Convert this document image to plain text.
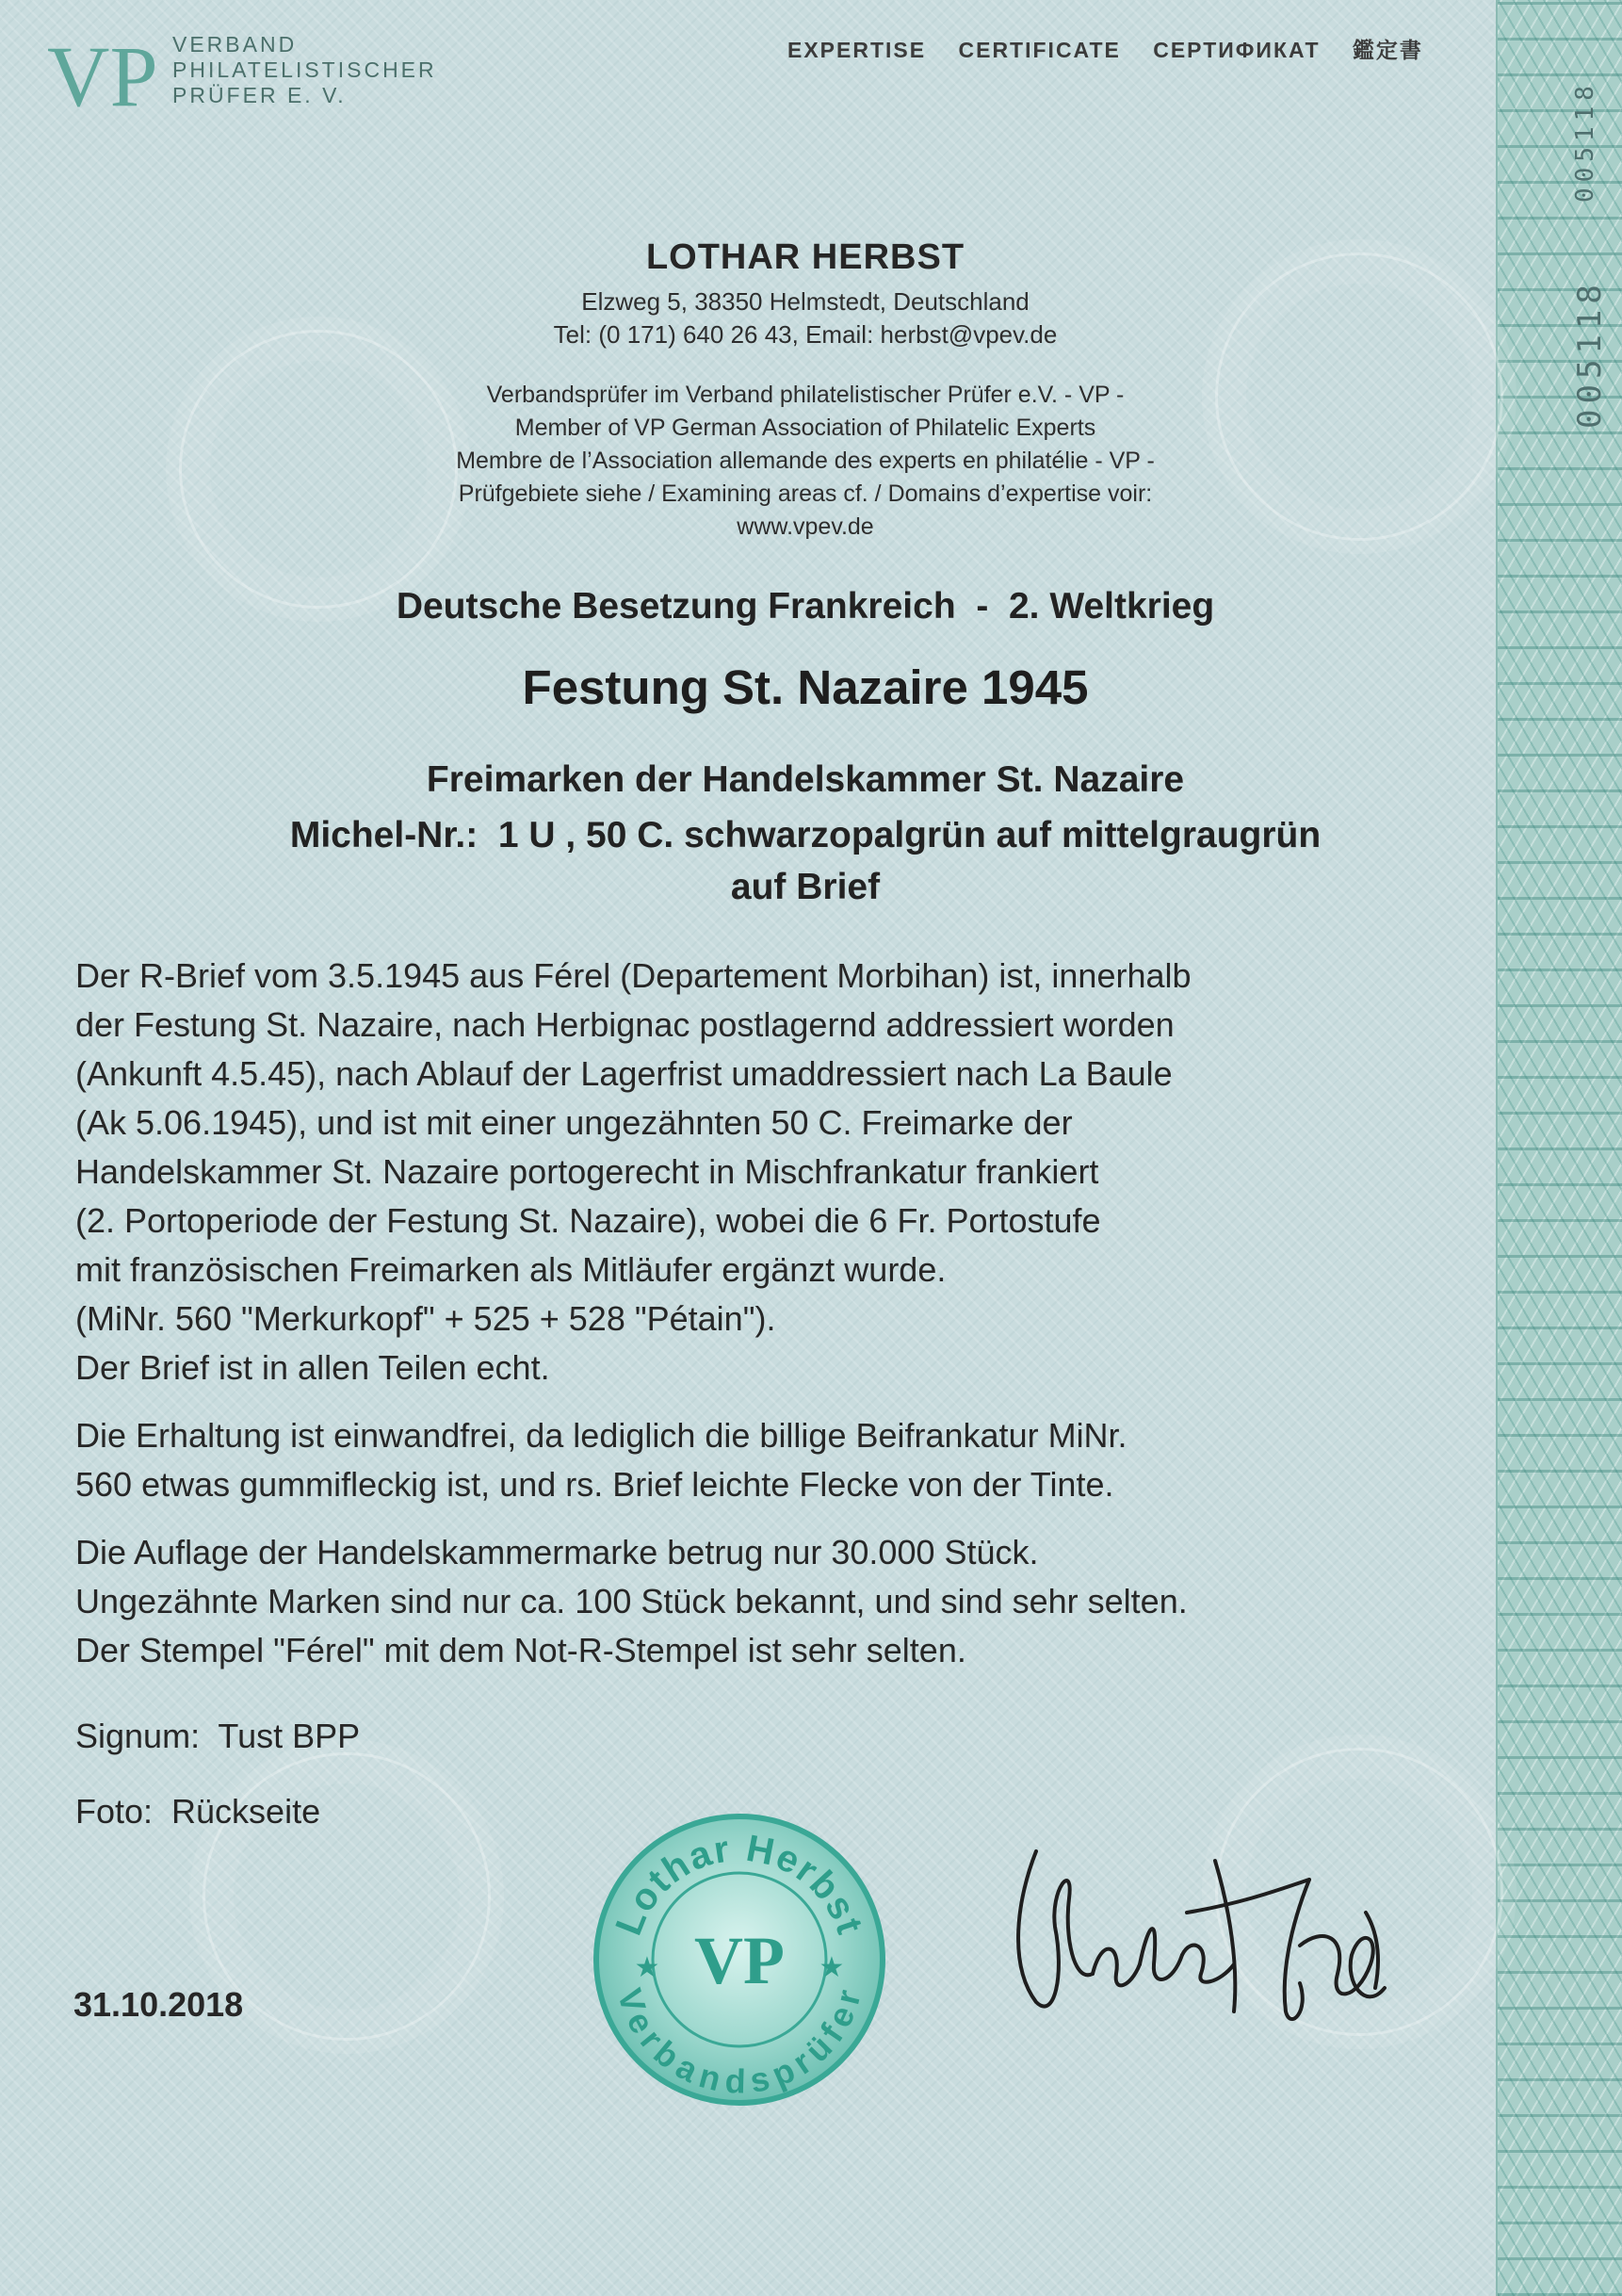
005118
005118
VP VERBAND
PHILATELISTISCHER
PRÜFER E. V.
EXPERTISE CERTIFICATE СЕРТИФИКАТ 鑑定書
LOTHAR HERBST
Elzweg 5, 38350 Helmstedt, Deutschland
Tel: (0 171) 640 26 43, Email: herbst@vpev.de
Verbandsprüfer im Verband philatelistischer Prüfer e.V. - VP -
Member of VP German Association of Philatelic Experts
Membre de l’Association allemande des experts en philatélie - VP -
Prüfgebiete siehe / Examining areas cf. / Domains d’expertise voir:
www.vpev.de
Deutsche Besetzung Frankreich  -  2. Weltkrieg
Festung St. Nazaire 1945
Freimarken der Handelskammer St. Nazaire
Michel-Nr.:  1 U , 50 C. schwarzopalgrün auf mittelgraugrün
auf Brief
Der R-Brief vom 3.5.1945 aus Férel (Departement Morbihan) ist, innerhalb
der Festung St. Nazaire, nach Herbignac postlagernd addressiert worden
(Ankunft 4.5.45), nach Ablauf der Lagerfrist umaddressiert nach La Baule
(Ak 5.06.1945), und ist mit einer ungezähnten 50 C. Freimarke der
Handelskammer St. Nazaire portogerecht in Mischfrankatur frankiert
(2. Portoperiode der Festung St. Nazaire), wobei die 6 Fr. Portostufe
mit französischen Freimarken als Mitläufer ergänzt wurde.
(MiNr. 560 "Merkurkopf" + 525 + 528 "Pétain").
Der Brief ist in allen Teilen echt.
Die Erhaltung ist einwandfrei, da lediglich die billige Beifrankatur MiNr.
560 etwas gummifleckig ist, und rs. Brief leichte Flecke von der Tinte.
Die Auflage der Handelskammermarke betrug nur 30.000 Stück.
Ungezähnte Marken sind nur ca. 100 Stück bekannt, und sind sehr selten.
Der Stempel "Férel" mit dem Not-R-Stempel ist sehr selten.
Signum:  Tust BPP
Foto:  Rückseite
31.10.2018
Lothar Herbst
Verbandsprüfer
VP
★	★
